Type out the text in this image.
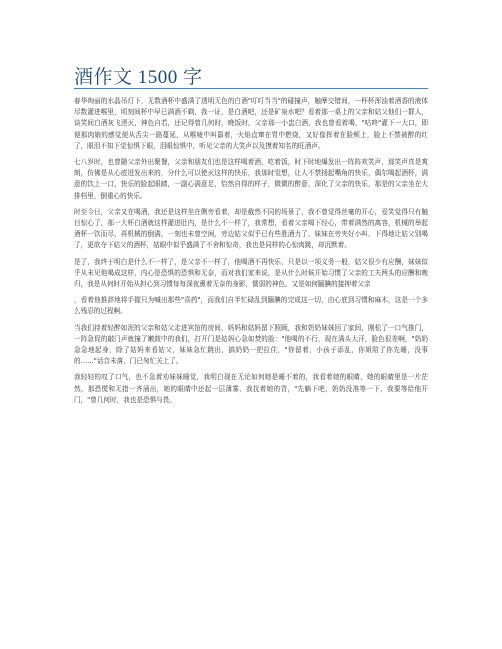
酒作文 1500 字

春华绚丽的水晶吊灯下，无数酒杯中盛满了透明无色的白酒"叮叮当当"的碰撞声，触摩交错间，一杯杯浑浊着酒香的液体尽数灌进喉里，顷刻间杯中早已满酒不剩，我一证，是白酒吧，还是矿泉水吧？看着那一桌上的父亲和姑父他们一群人，谈笑间白酒灰飞湮灭，神色自若，还记得曾几何时，晚饭时，父亲那一小盅白酒，我也曾看着喝，"咕咚"灌下一大口，即便那肉娘的感觉便从舌尖一路蔓延，从喉咙中叫嚣着，火焰直窜在胃中燃烧，又好像挥着在脸颊上，脸上不禁被醉的红了，眼泪不知下觉惊惧下眼，泪眼惊惧中，听见父亲的大笑声以及摸着知名的旺酒声。

七八岁时，也曾随父亲外出聚餐，父亲和朋友们也是这样喝着酒，吃着饭，时下时地爆发出一阵阵欢笑声，那笑声真是爽朗，仿佛是从心底迸发出来的，分什么可以使灭这样的快乐，我那时觉想，让人不禁扬起嘴角的快乐，偶尔喝起酒杯，满意的饮上一口，快乐的脸起眼睛，一副心满意足，恰然自得的样子，微微的醉意，深化了父亲的快乐，那是的父亲坐在大排档里，倒重心的快乐。

时至今日，父亲又在喝酒，我还是这样坐在侧旁看着，却是截然不同的场景了，我不曾觉得丝毫的开心，爱笑觉得只有触目惊心了，那一大杯白酒就这样灌进肚内，是什么不一样了，我常想，看着父亲喝下经心，带着满然的离容，机械的举起酒杯一饮而尽，再机械的倒满，一刻也未曾空闲，旁边姑父似乎已有些胜酒力了，妹妹在旁夹好小叫，下得地让姑父别喝了，更欲夺下姑父的酒杯，姑眼中似乎盛满了不舍和惊奇，我也是同样的心惊肉跳，却沉默着。

是了，我终于明白是什么不一样了，是父亲不一样了，他喝酒不再快乐，只是以一项义务一般，姑父很少有应酬，妹妹似乎从未见他喝成这样，内心是恐惧的恐惧和无奈，而对我们家来说，是从什么时候开始习惯了父亲的工夫两头的应酬和晚归，我是从何时开始从担心到习惯每每深夜熏着无奈的身影，懦弱的神色，又是如何腼腆的接押着父亲

，看着他推辞地将手握只为喊出那些"喜药"，而我们自半忙碌乱到腼腆的完成这一切，由心底到习惯和麻木，这是一个多么残忍的过程啊。

当我们持着轻醉如泥的父亲和姑父走进宾馆的房间，妈妈和姑妈留下照顾，我和奶奶妹妹回了家间，刚松了一口气推门，一阵急促的敲门声就撞了嫩鼓中的我们，打开门是姑妈心急如焚的脸："他喝的不行，现在满头大汗，脸色很差啊，"奶奶急急地起身，除了姑妈来看姑父，妹妹急忙跳出，搞奶奶一把拉住，"你留着，小孩子添乱，你姐陪了你先睡，没事的……"话音未落，门已匆忙关上了。

我轻轻的叹了口气，也不急着劝妹妹睡觉，我明白现在无论如何她是睡不着的，我看着她的眼睛，她的眼睛里是一片茫然，那恐慌和无措一齐涌出，她的眼睛中还起一层薄雾，我抚着她的背，"先躺下吧，奶奶没准等一下，我要等给他开门，"曾几何时，我也是恐惧与畏。
